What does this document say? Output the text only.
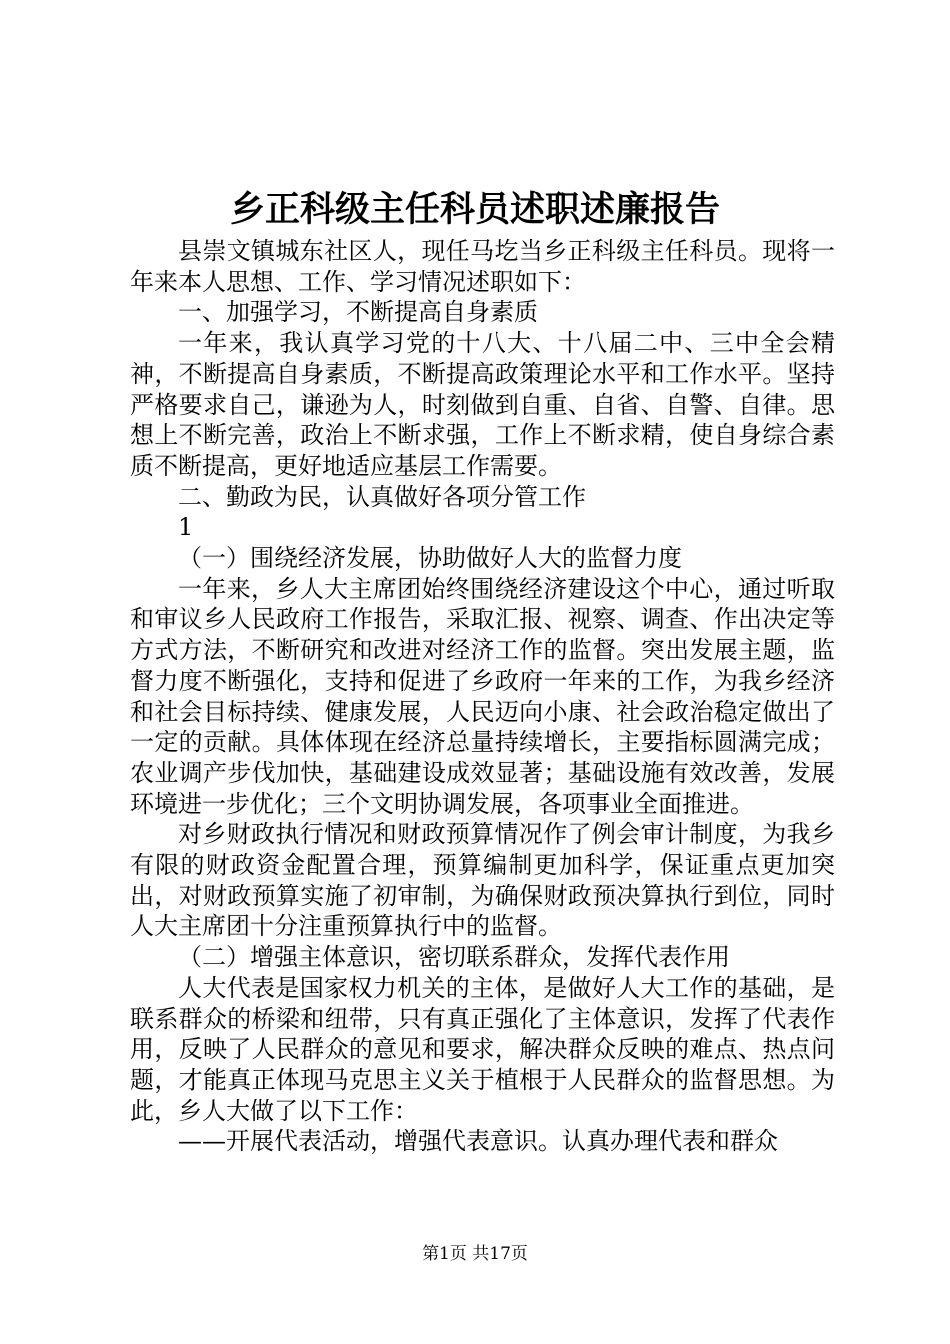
乡正科级主任科员述职述廉报告

县崇文镇城东社区人，现任马圪当乡正科级主任科员。现将一年来本人思想、工作、学习情况述职如下：

一、加强学习，不断提高自身素质

一年来，我认真学习党的十八大、十八届二中、三中全会精神，不断提高自身素质，不断提高政策理论水平和工作水平。坚持严格要求自己，谦逊为人，时刻做到自重、自省、自警、自律。思想上不断完善，政治上不断求强，工作上不断求精，使自身综合素质不断提高，更好地适应基层工作需要。

二、勤政为民，认真做好各项分管工作

1

（一）围绕经济发展，协助做好人大的监督力度

一年来，乡人大主席团始终围绕经济建设这个中心，通过听取和审议乡人民政府工作报告，采取汇报、视察、调查、作出决定等方式方法，不断研究和改进对经济工作的监督。突出发展主题，监督力度不断强化，支持和促进了乡政府一年来的工作，为我乡经济和社会目标持续、健康发展，人民迈向小康、社会政治稳定做出了一定的贡献。具体体现在经济总量持续增长，主要指标圆满完成；农业调产步伐加快，基础建设成效显著；基础设施有效改善，发展环境进一步优化；三个文明协调发展，各项事业全面推进。

对乡财政执行情况和财政预算情况作了例会审计制度，为我乡有限的财政资金配置合理，预算编制更加科学，保证重点更加突出，对财政预算实施了初审制，为确保财政预决算执行到位，同时人大主席团十分注重预算执行中的监督。

（二）增强主体意识，密切联系群众，发挥代表作用

人大代表是国家权力机关的主体，是做好人大工作的基础，是联系群众的桥梁和纽带，只有真正强化了主体意识，发挥了代表作用，反映了人民群众的意见和要求，解决群众反映的难点、热点问题，才能真正体现马克思主义关于植根于人民群众的监督思想。为此，乡人大做了以下工作：

——开展代表活动，增强代表意识。认真办理代表和群众

第1页 共17页
